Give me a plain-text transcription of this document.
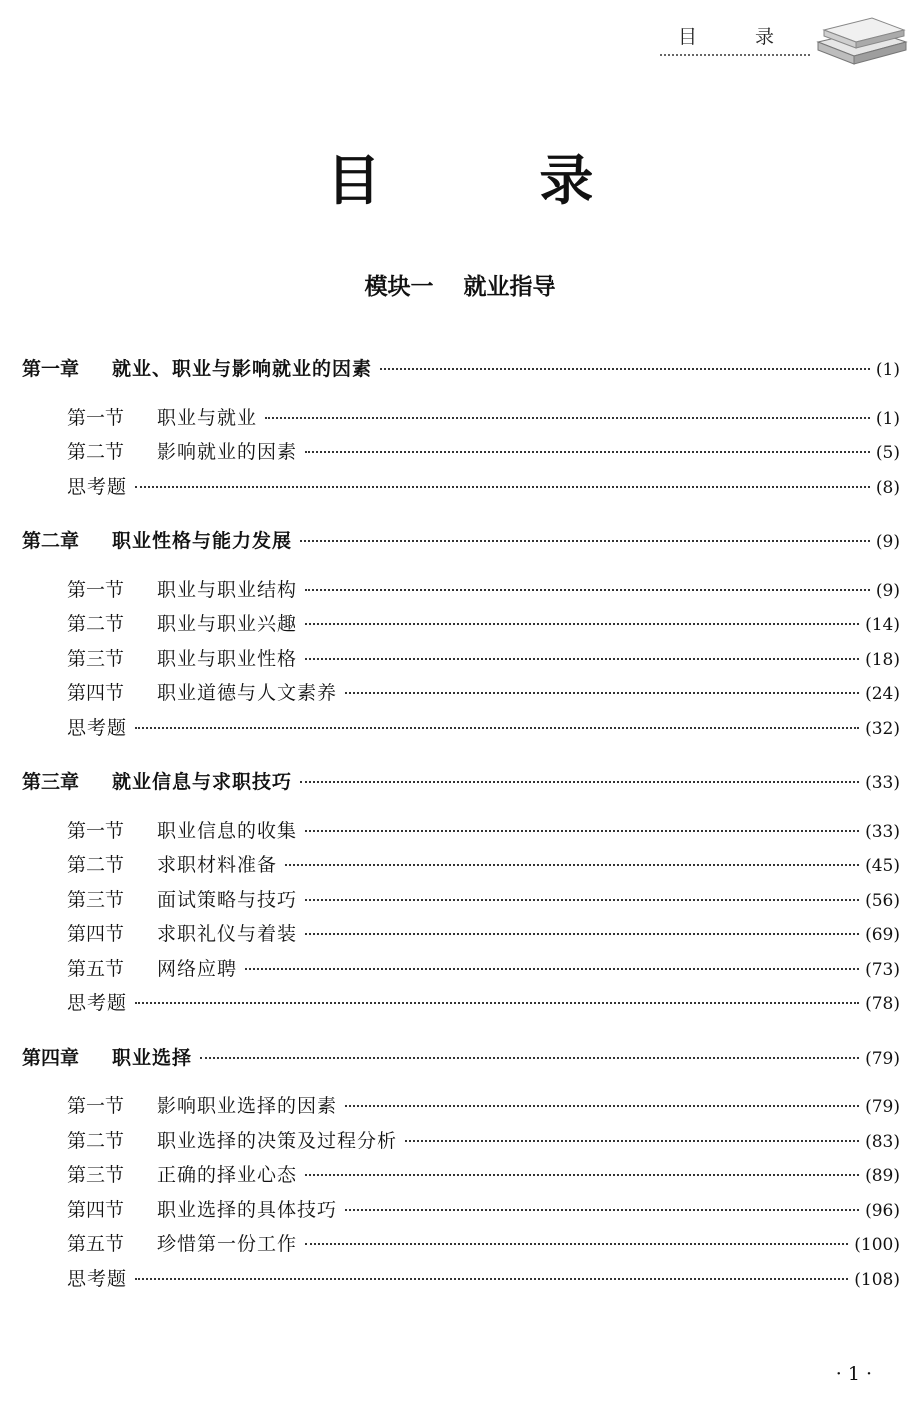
目 录
目 录
模块一 就业指导
第一章	就业、职业与影响就业的因素	(1)
第一节	职业与就业	(1)
第二节	影响就业的因素	(5)
思考题	(8)
第二章	职业性格与能力发展	(9)
第一节	职业与职业结构	(9)
第二节	职业与职业兴趣	(14)
第三节	职业与职业性格	(18)
第四节	职业道德与人文素养	(24)
思考题	(32)
第三章	就业信息与求职技巧	(33)
第一节	职业信息的收集	(33)
第二节	求职材料准备	(45)
第三节	面试策略与技巧	(56)
第四节	求职礼仪与着装	(69)
第五节	网络应聘	(73)
思考题	(78)
第四章	职业选择	(79)
第一节	影响职业选择的因素	(79)
第二节	职业选择的决策及过程分析	(83)
第三节	正确的择业心态	(89)
第四节	职业选择的具体技巧	(96)
第五节	珍惜第一份工作	(100)
思考题	(108)
· 1 ·
